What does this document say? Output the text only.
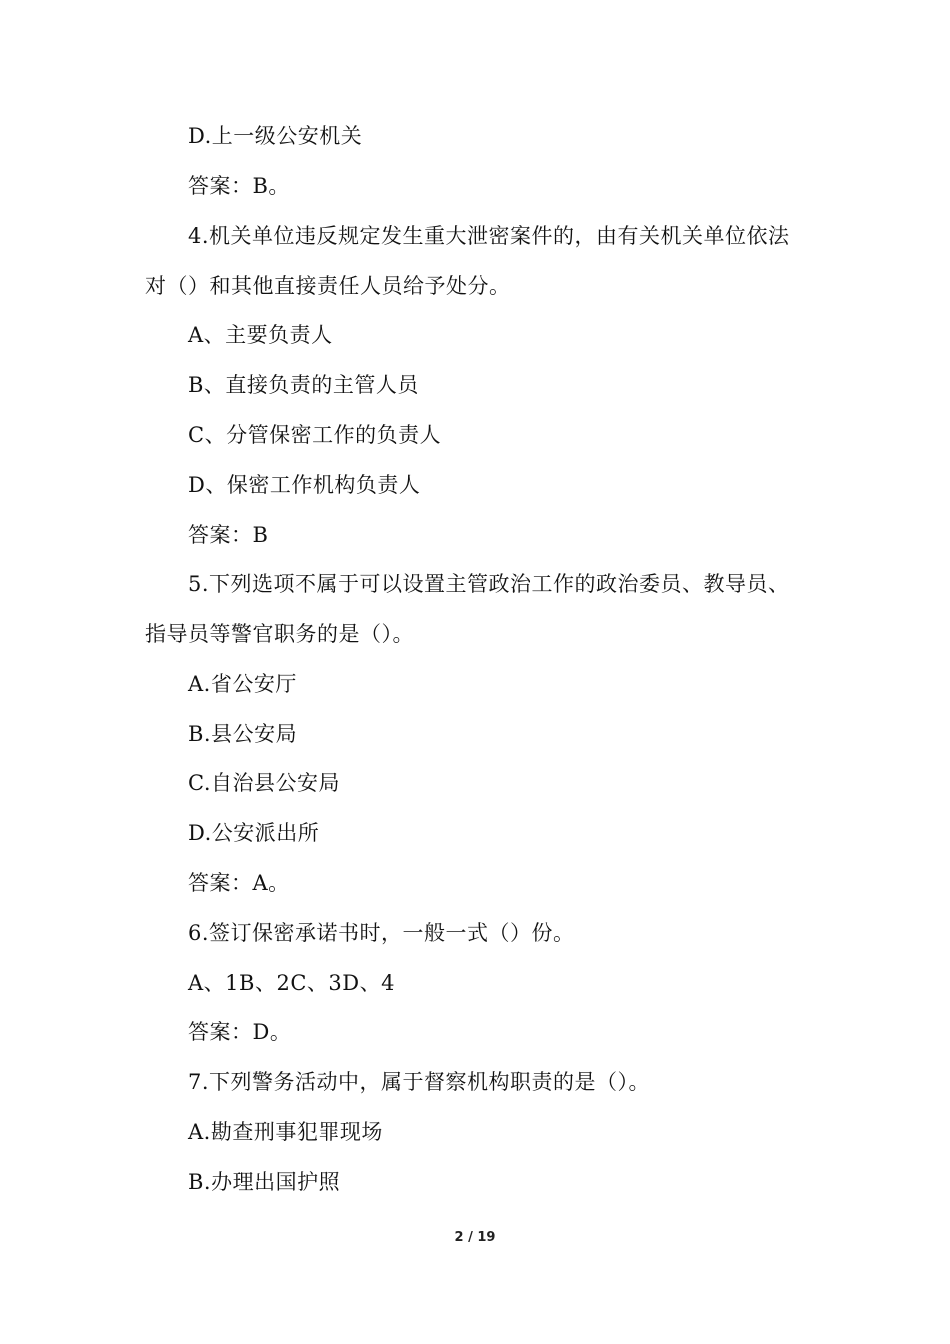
D.上一级公安机关
答案：B。
4.机关单位违反规定发生重大泄密案件的，由有关机关单位依法
对（）和其他直接责任人员给予处分。
A、主要负责人
B、直接负责的主管人员
C、分管保密工作的负责人
D、保密工作机构负责人
答案：B
5.下列选项不属于可以设置主管政治工作的政治委员、教导员、
指导员等警官职务的是（）。
A.省公安厅
B.县公安局
C.自治县公安局
D.公安派出所
答案：A。
6.签订保密承诺书时，一般一式（）份。
A、1B、2C、3D、4
答案：D。
7.下列警务活动中，属于督察机构职责的是（）。
A.勘查刑事犯罪现场
B.办理出国护照
2 / 19
